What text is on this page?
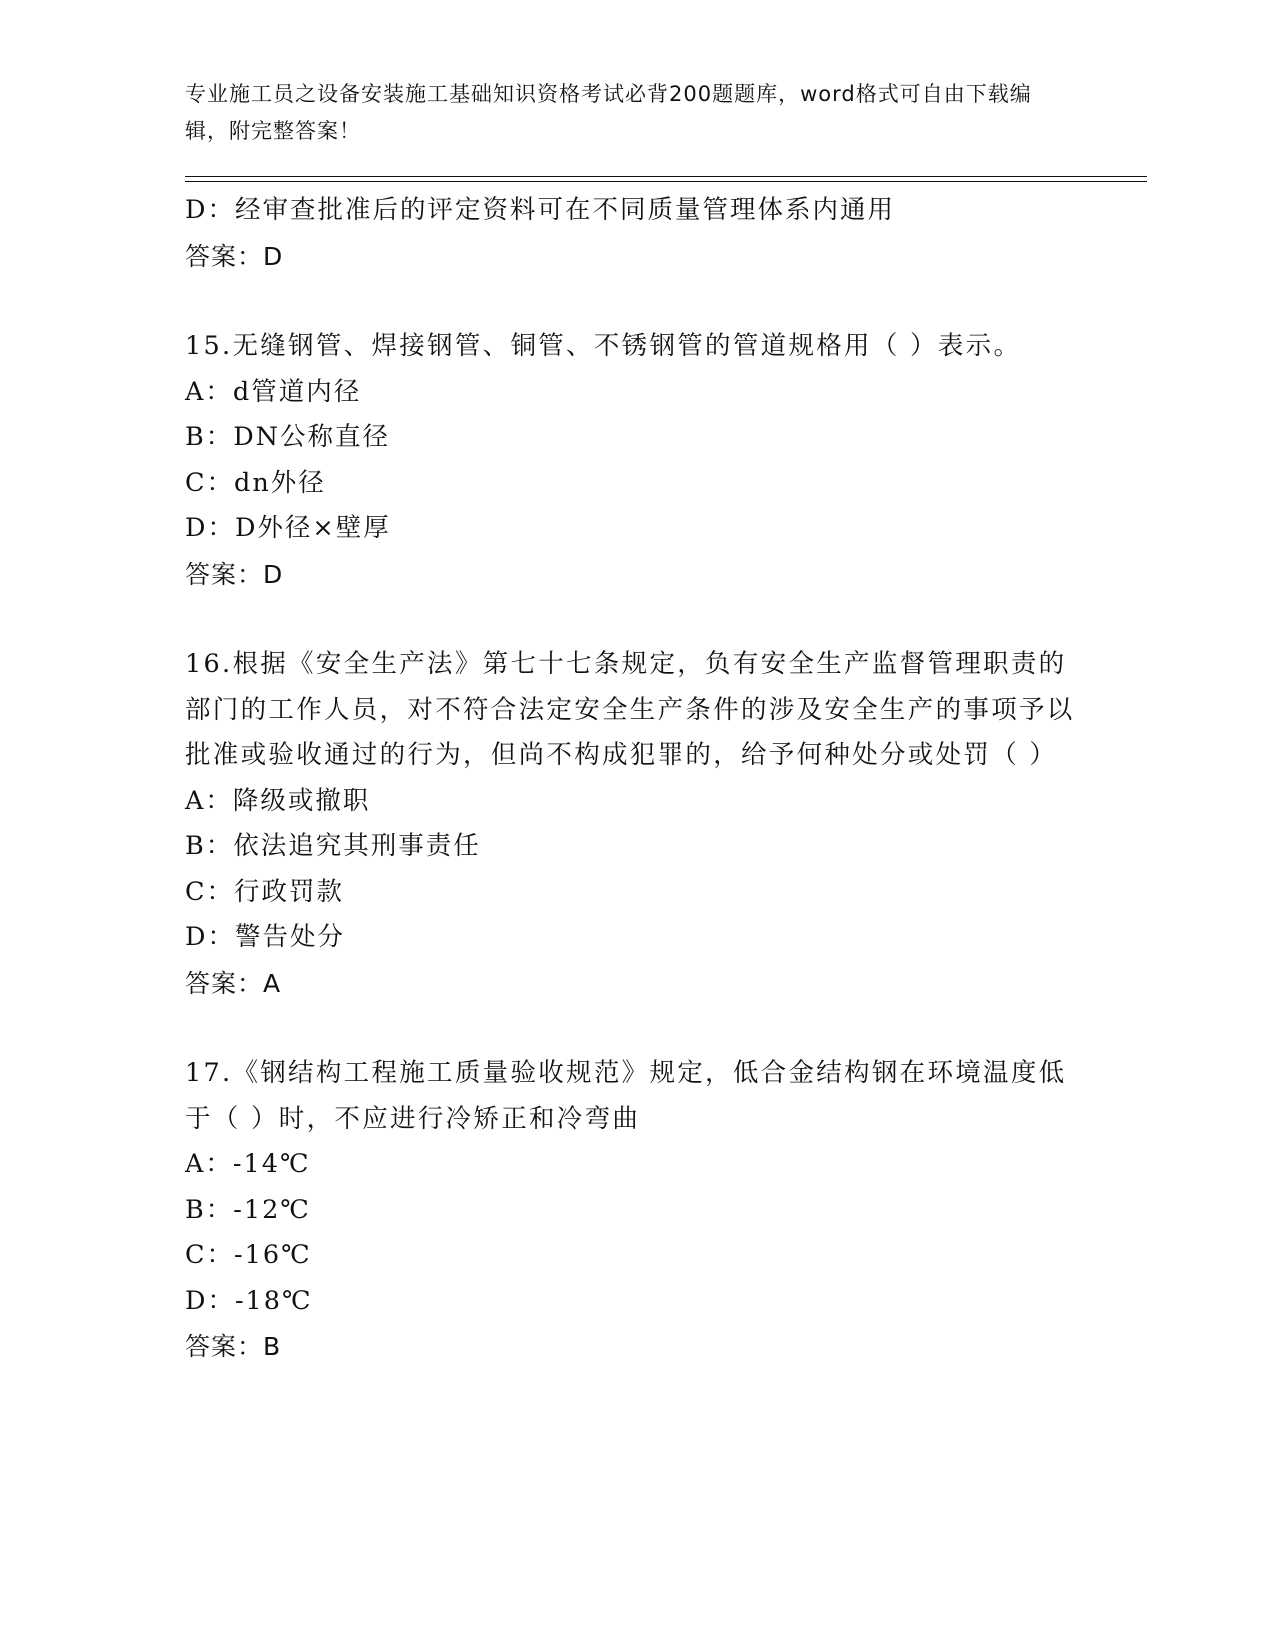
专业施工员之设备安装施工基础知识资格考试必背200题题库，word格式可自由下载编辑，附完整答案！
D：经审查批准后的评定资料可在不同质量管理体系内通用
答案：D
15.无缝钢管、焊接钢管、铜管、不锈钢管的管道规格用（ ）表示。
A：d管道内径
B：DN公称直径
C：dn外径
D：D外径×壁厚
答案：D
16.根据《安全生产法》第七十七条规定，负有安全生产监督管理职责的部门的工作人员，对不符合法定安全生产条件的涉及安全生产的事项予以批准或验收通过的行为，但尚不构成犯罪的，给予何种处分或处罚（ ）
A：降级或撤职
B：依法追究其刑事责任
C：行政罚款
D：警告处分
答案：A
17.《钢结构工程施工质量验收规范》规定，低合金结构钢在环境温度低于（ ）时，不应进行冷矫正和冷弯曲
A：-14℃
B：-12℃
C：-16℃
D：-18℃
答案：B
